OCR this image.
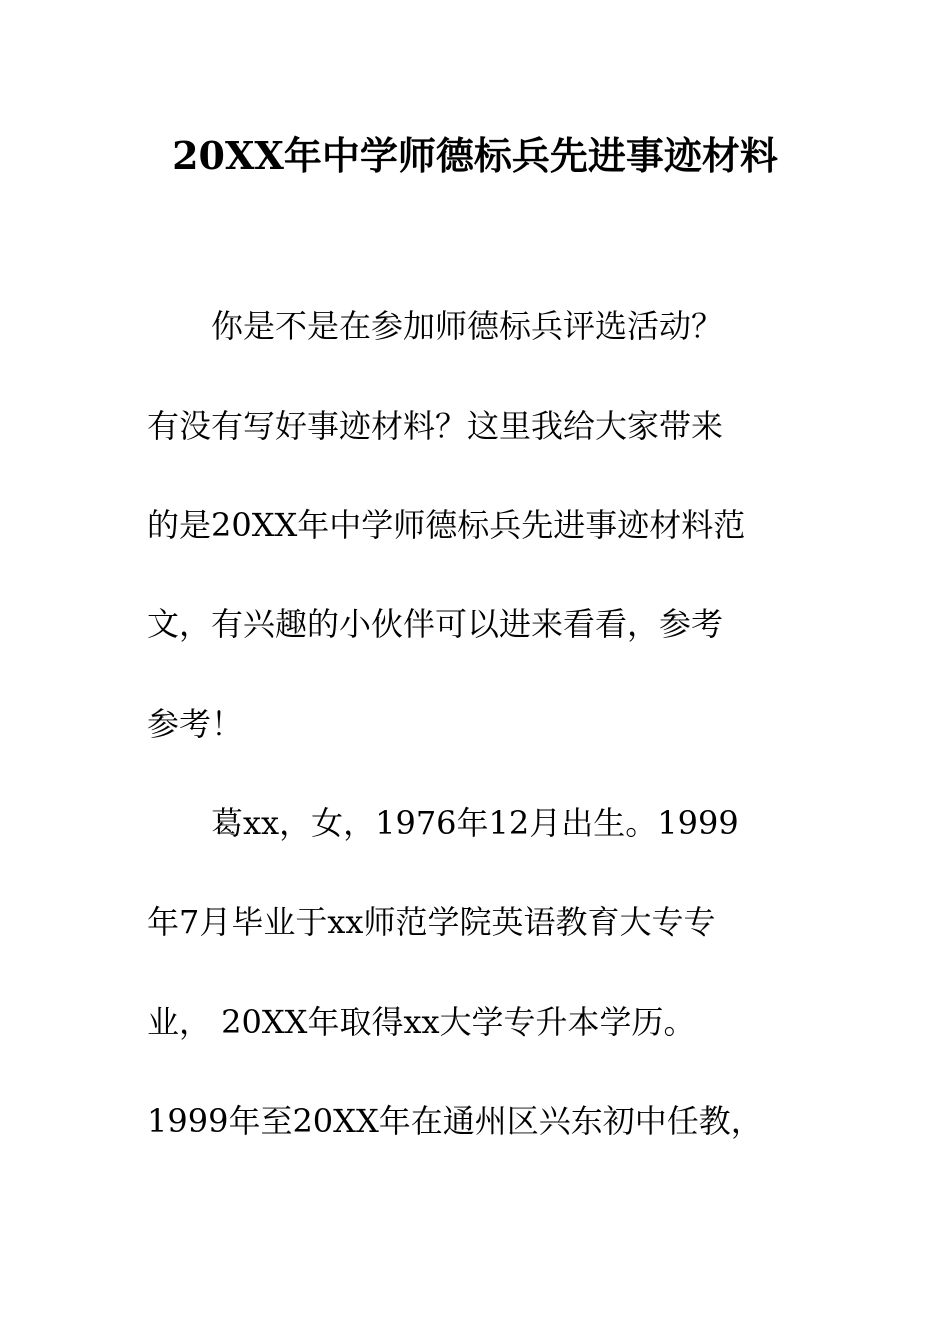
20XX年中学师德标兵先进事迹材料

　　你是不是在参加师德标兵评选活动？

有没有写好事迹材料？这里我给大家带来

的是20XX年中学师德标兵先进事迹材料范

文，有兴趣的小伙伴可以进来看看，参考

参考！

　　葛xx，女，1976年12月出生。1999

年7月毕业于xx师范学院英语教育大专专

业， 20XX年取得xx大学专升本学历。

1999年至20XX年在通州区兴东初中任教，
